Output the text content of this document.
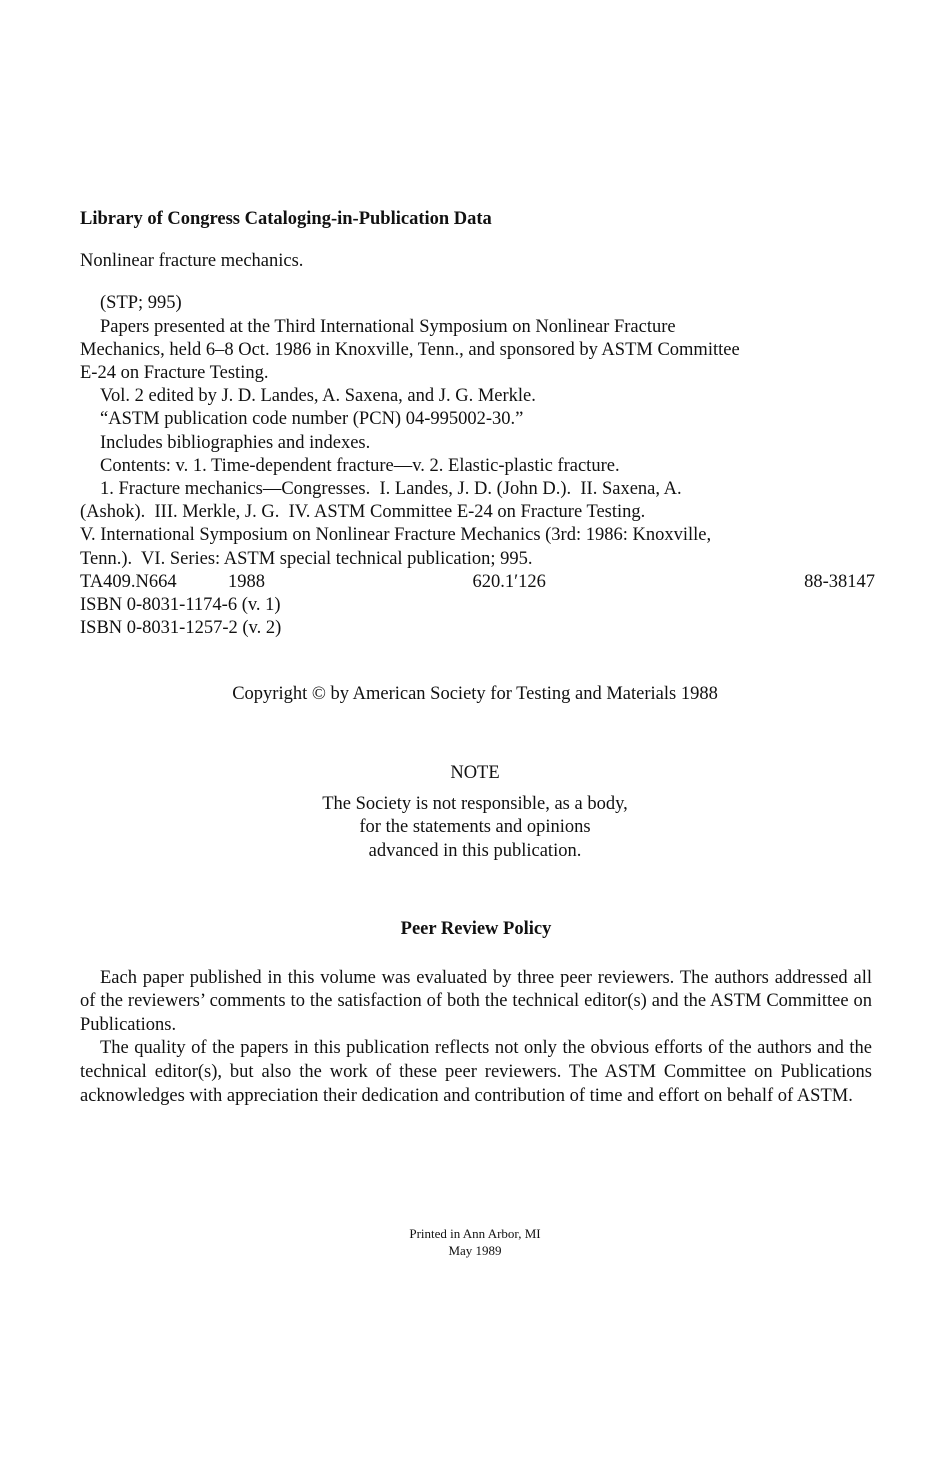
Library of Congress Cataloging-in-Publication Data
Nonlinear fracture mechanics.
(STP; 995)
Papers presented at the Third International Symposium on Nonlinear Fracture
Mechanics, held 6–8 Oct. 1986 in Knoxville, Tenn., and sponsored by ASTM Committee
E-24 on Fracture Testing.
Vol. 2 edited by J. D. Landes, A. Saxena, and J. G. Merkle.
“ASTM publication code number (PCN) 04-995002-30.”
Includes bibliographies and indexes.
Contents: v. 1. Time-dependent fracture—v. 2. Elastic-plastic fracture.
1. Fracture mechanics—Congresses.  I. Landes, J. D. (John D.).  II. Saxena, A.
(Ashok).  III. Merkle, J. G.  IV. ASTM Committee E-24 on Fracture Testing.
V. International Symposium on Nonlinear Fracture Mechanics (3rd: 1986: Knoxville,
Tenn.).  VI. Series: ASTM special technical publication; 995.
TA409.N664	1988	620.1′126	88-38147
ISBN 0-8031-1174-6 (v. 1)
ISBN 0-8031-1257-2 (v. 2)
Copyright © by American Society for Testing and Materials 1988
NOTE
The Society is not responsible, as a body,
for the statements and opinions
advanced in this publication.
Peer Review Policy

Each paper published in this volume was evaluated by three peer reviewers. The authors addressed all of the reviewers’ comments to the satisfaction of both the technical editor(s) and the ASTM Committee on Publications.

The quality of the papers in this publication reflects not only the obvious efforts of the authors and the technical editor(s), but also the work of these peer reviewers. The ASTM Committee on Publications acknowledges with appreciation their dedication and contribution of time and effort on behalf of ASTM.

Printed in Ann Arbor, MI
May 1989
